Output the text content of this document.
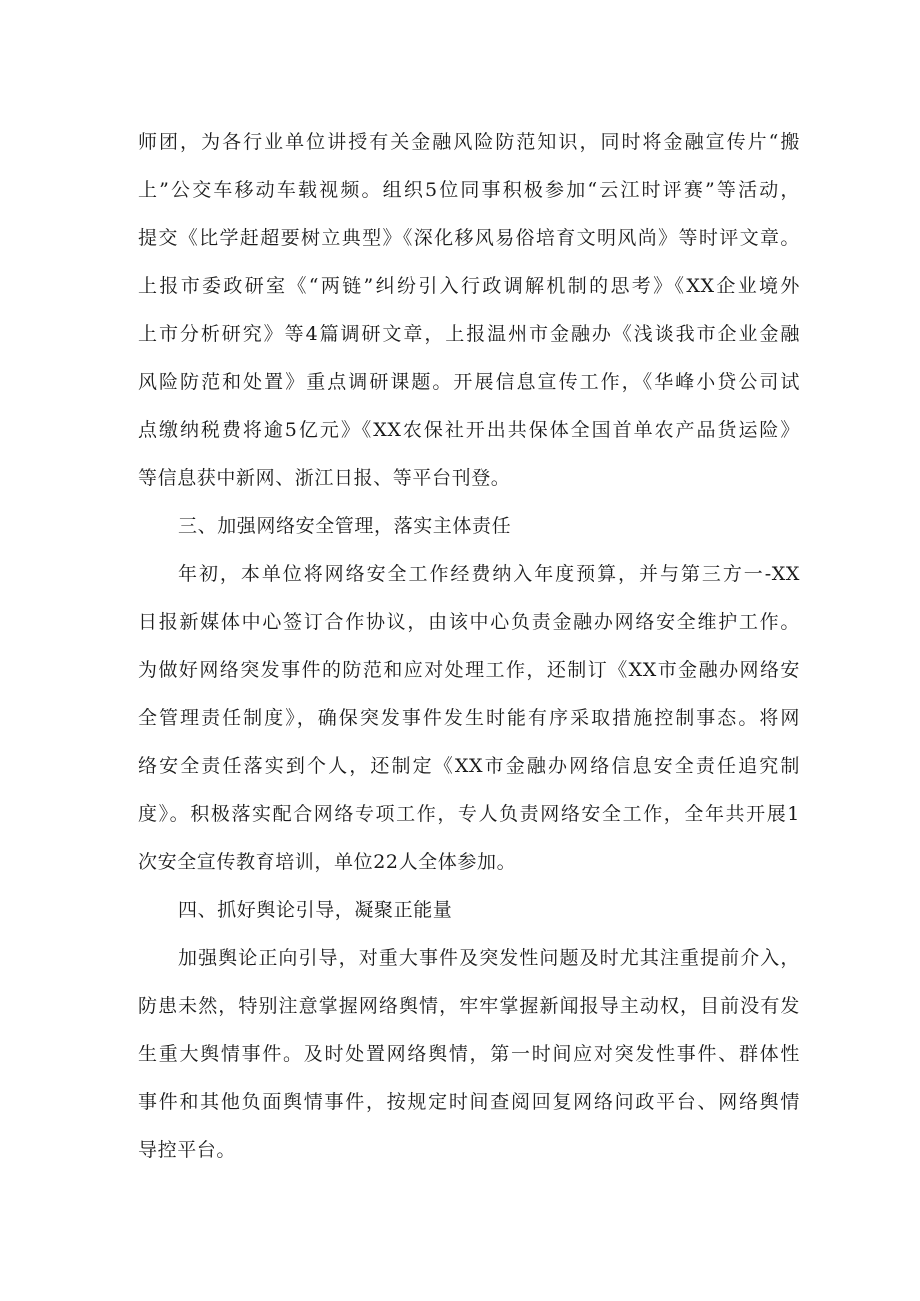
师团，为各行业单位讲授有关金融风险防范知识，同时将金融宣传片“搬
上”公交车移动车载视频。组织5位同事积极参加“云江时评赛”等活动，
提交《比学赶超要树立典型》《深化移风易俗培育文明风尚》等时评文章。
上报市委政研室《“两链”纠纷引入行政调解机制的思考》《XX企业境外
上市分析研究》等4篇调研文章，上报温州市金融办《浅谈我市企业金融
风险防范和处置》重点调研课题。开展信息宣传工作，《华峰小贷公司试
点缴纳税费将逾5亿元》《XX农保社开出共保体全国首单农产品货运险》
等信息获中新网、浙江日报、等平台刊登。
三、加强网络安全管理，落实主体责任
年初，本单位将网络安全工作经费纳入年度预算，并与第三方一-XX
日报新媒体中心签订合作协议，由该中心负责金融办网络安全维护工作。
为做好网络突发事件的防范和应对处理工作，还制订《XX市金融办网络安
全管理责任制度》，确保突发事件发生时能有序采取措施控制事态。将网
络安全责任落实到个人，还制定《XX市金融办网络信息安全责任追究制
度》。积极落实配合网络专项工作，专人负责网络安全工作，全年共开展1
次安全宣传教育培训，单位22人全体参加。
四、抓好舆论引导，凝聚正能量
加强舆论正向引导，对重大事件及突发性问题及时尤其注重提前介入，
防患未然，特别注意掌握网络舆情，牢牢掌握新闻报导主动权，目前没有发
生重大舆情事件。及时处置网络舆情，第一时间应对突发性事件、群体性
事件和其他负面舆情事件，按规定时间查阅回复网络问政平台、网络舆情
导控平台。
